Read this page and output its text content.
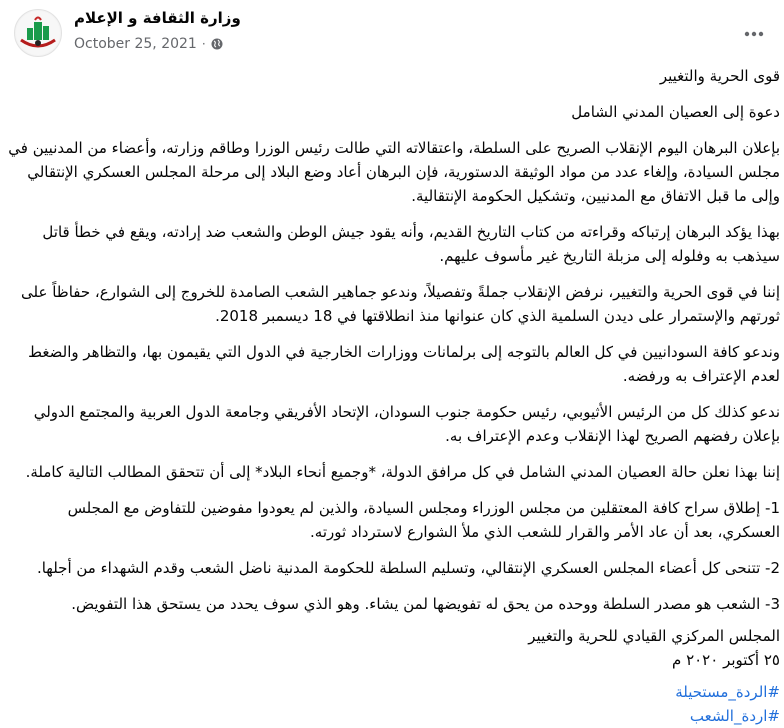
وزارة الثقافة و الإعلام
October 25, 2021 ·

قوى الحرية والتغيير

دعوة إلى العصيان المدني الشامل

بإعلان البرهان اليوم الإنقلاب الصريح على السلطة، واعتقالاته التي طالت رئيس الوزرا وطاقم وزارته، وأعضاء من المدنيين في مجلس السيادة، وإلغاء عدد من مواد الوثيقة الدستورية، فإن البرهان أعاد وضع البلاد إلى مرحلة المجلس العسكري الإنتقالي وإلى ما قبل الاتفاق مع المدنيين، وتشكيل الحكومة الإنتقالية.

بهذا يؤكد البرهان إرتباكه وقراءته من كتاب التاريخ القديم، وأنه يقود جيش الوطن والشعب ضد إرادته، ويقع في خطأ قاتل سيذهب به وفلوله إلى مزبلة التاريخ غير مأسوف عليهم.

إننا في قوى الحرية والتغيير، نرفض الإنقلاب جملةً وتفصيلاً، وندعو جماهير الشعب الصامدة للخروج إلى الشوارع، حفاظاً على ثورتهم والإستمرار على ديدن السلمية الذي كان عنوانها منذ انطلاقتها في 18 ديسمبر 2018.

وندعو كافة السودانيين في كل العالم بالتوجه إلى برلمانات ووزارات الخارجية في الدول التي يقيمون بها، والتظاهر والضغط لعدم الإعتراف به ورفضه.

ندعو كذلك كل من الرئيس الأثيوبي، رئيس حكومة جنوب السودان، الإتحاد الأفريقي وجامعة الدول العربية والمجتمع الدولي بإعلان رفضهم الصريح لهذا الإنقلاب وعدم الإعتراف به.

إننا بهذا نعلن حالة العصيان المدني الشامل في كل مرافق الدولة، *وجميع أنحاء البلاد* إلى أن تتحقق المطالب التالية كاملة.

1- إطلاق سراح كافة المعتقلين من مجلس الوزراء ومجلس السيادة، والذين لم يعودوا مفوضين للتفاوض مع المجلس العسكري، بعد أن عاد الأمر والقرار للشعب الذي ملأ الشوارع لاسترداد ثورته.

2- تتنحى كل أعضاء المجلس العسكري الإنتقالي، وتسليم السلطة للحكومة المدنية ناضل الشعب وقدم الشهداء من أجلها.

3- الشعب هو مصدر السلطة ووحده من يحق له تفويضها لمن يشاء. وهو الذي سوف يحدد من يستحق هذا التفويض.

المجلس المركزي القيادي للحرية والتغيير
٢٥ أكتوبر ٢٠٢٠ م

#الردة_مستحيلة

#اردة_الشعب
